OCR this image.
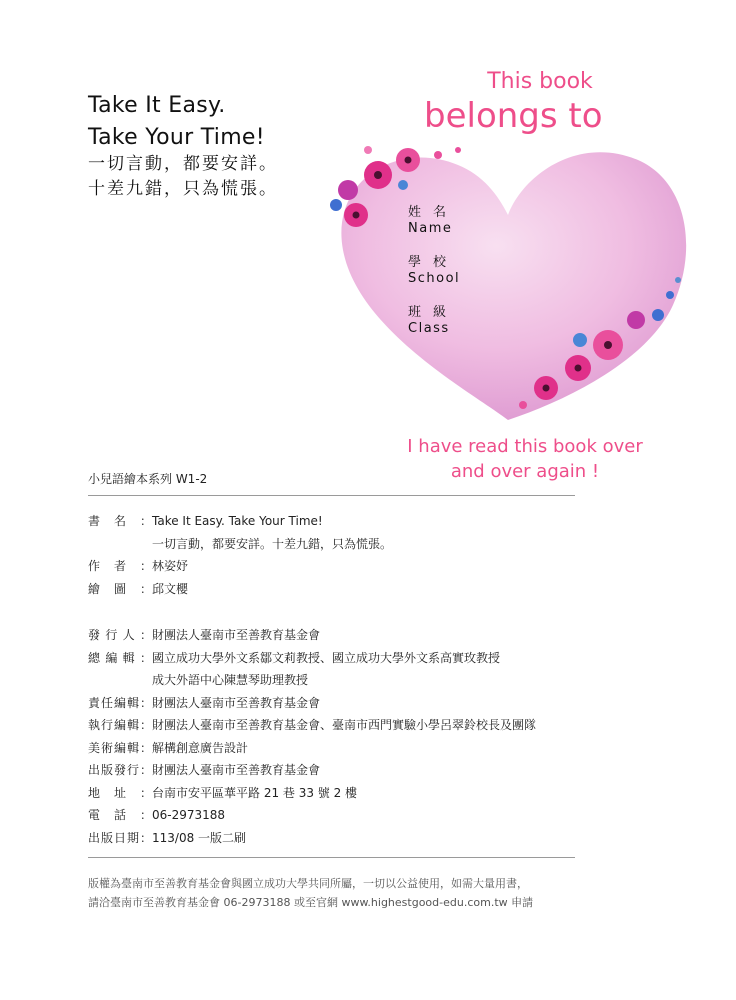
Take It Easy.
Take Your Time!
一切言動，都要安詳。
十差九錯，只為慌張。
This book
belongs to
姓名
Name
學校
School
班級
Class
I have read this book over
and over again !
小兒語繪本系列 W1-2
書名： Take It Easy. Take Your Time!
一切言動，都要安詳。十差九錯，只為慌張。
作者： 林姿妤
繪圖： 邱文櫻
發行人： 財團法人臺南市至善教育基金會
總編輯： 國立成功大學外文系鄒文莉教授、國立成功大學外文系高實玫教授
成大外語中心陳慧琴助理教授
責任編輯： 財團法人臺南市至善教育基金會
執行編輯： 財團法人臺南市至善教育基金會、臺南市西門實驗小學呂翠鈴校長及團隊
美術編輯： 解構創意廣告設計
出版發行： 財團法人臺南市至善教育基金會
地址： 台南市安平區華平路 21 巷 33 號 2 樓
電話： 06-2973188
出版日期： 113/08 一版二刷
版權為臺南市至善教育基金會與國立成功大學共同所屬，一切以公益使用，如需大量用書，
請洽臺南市至善教育基金會 06-2973188 或至官網 www.highestgood-edu.com.tw 申請
